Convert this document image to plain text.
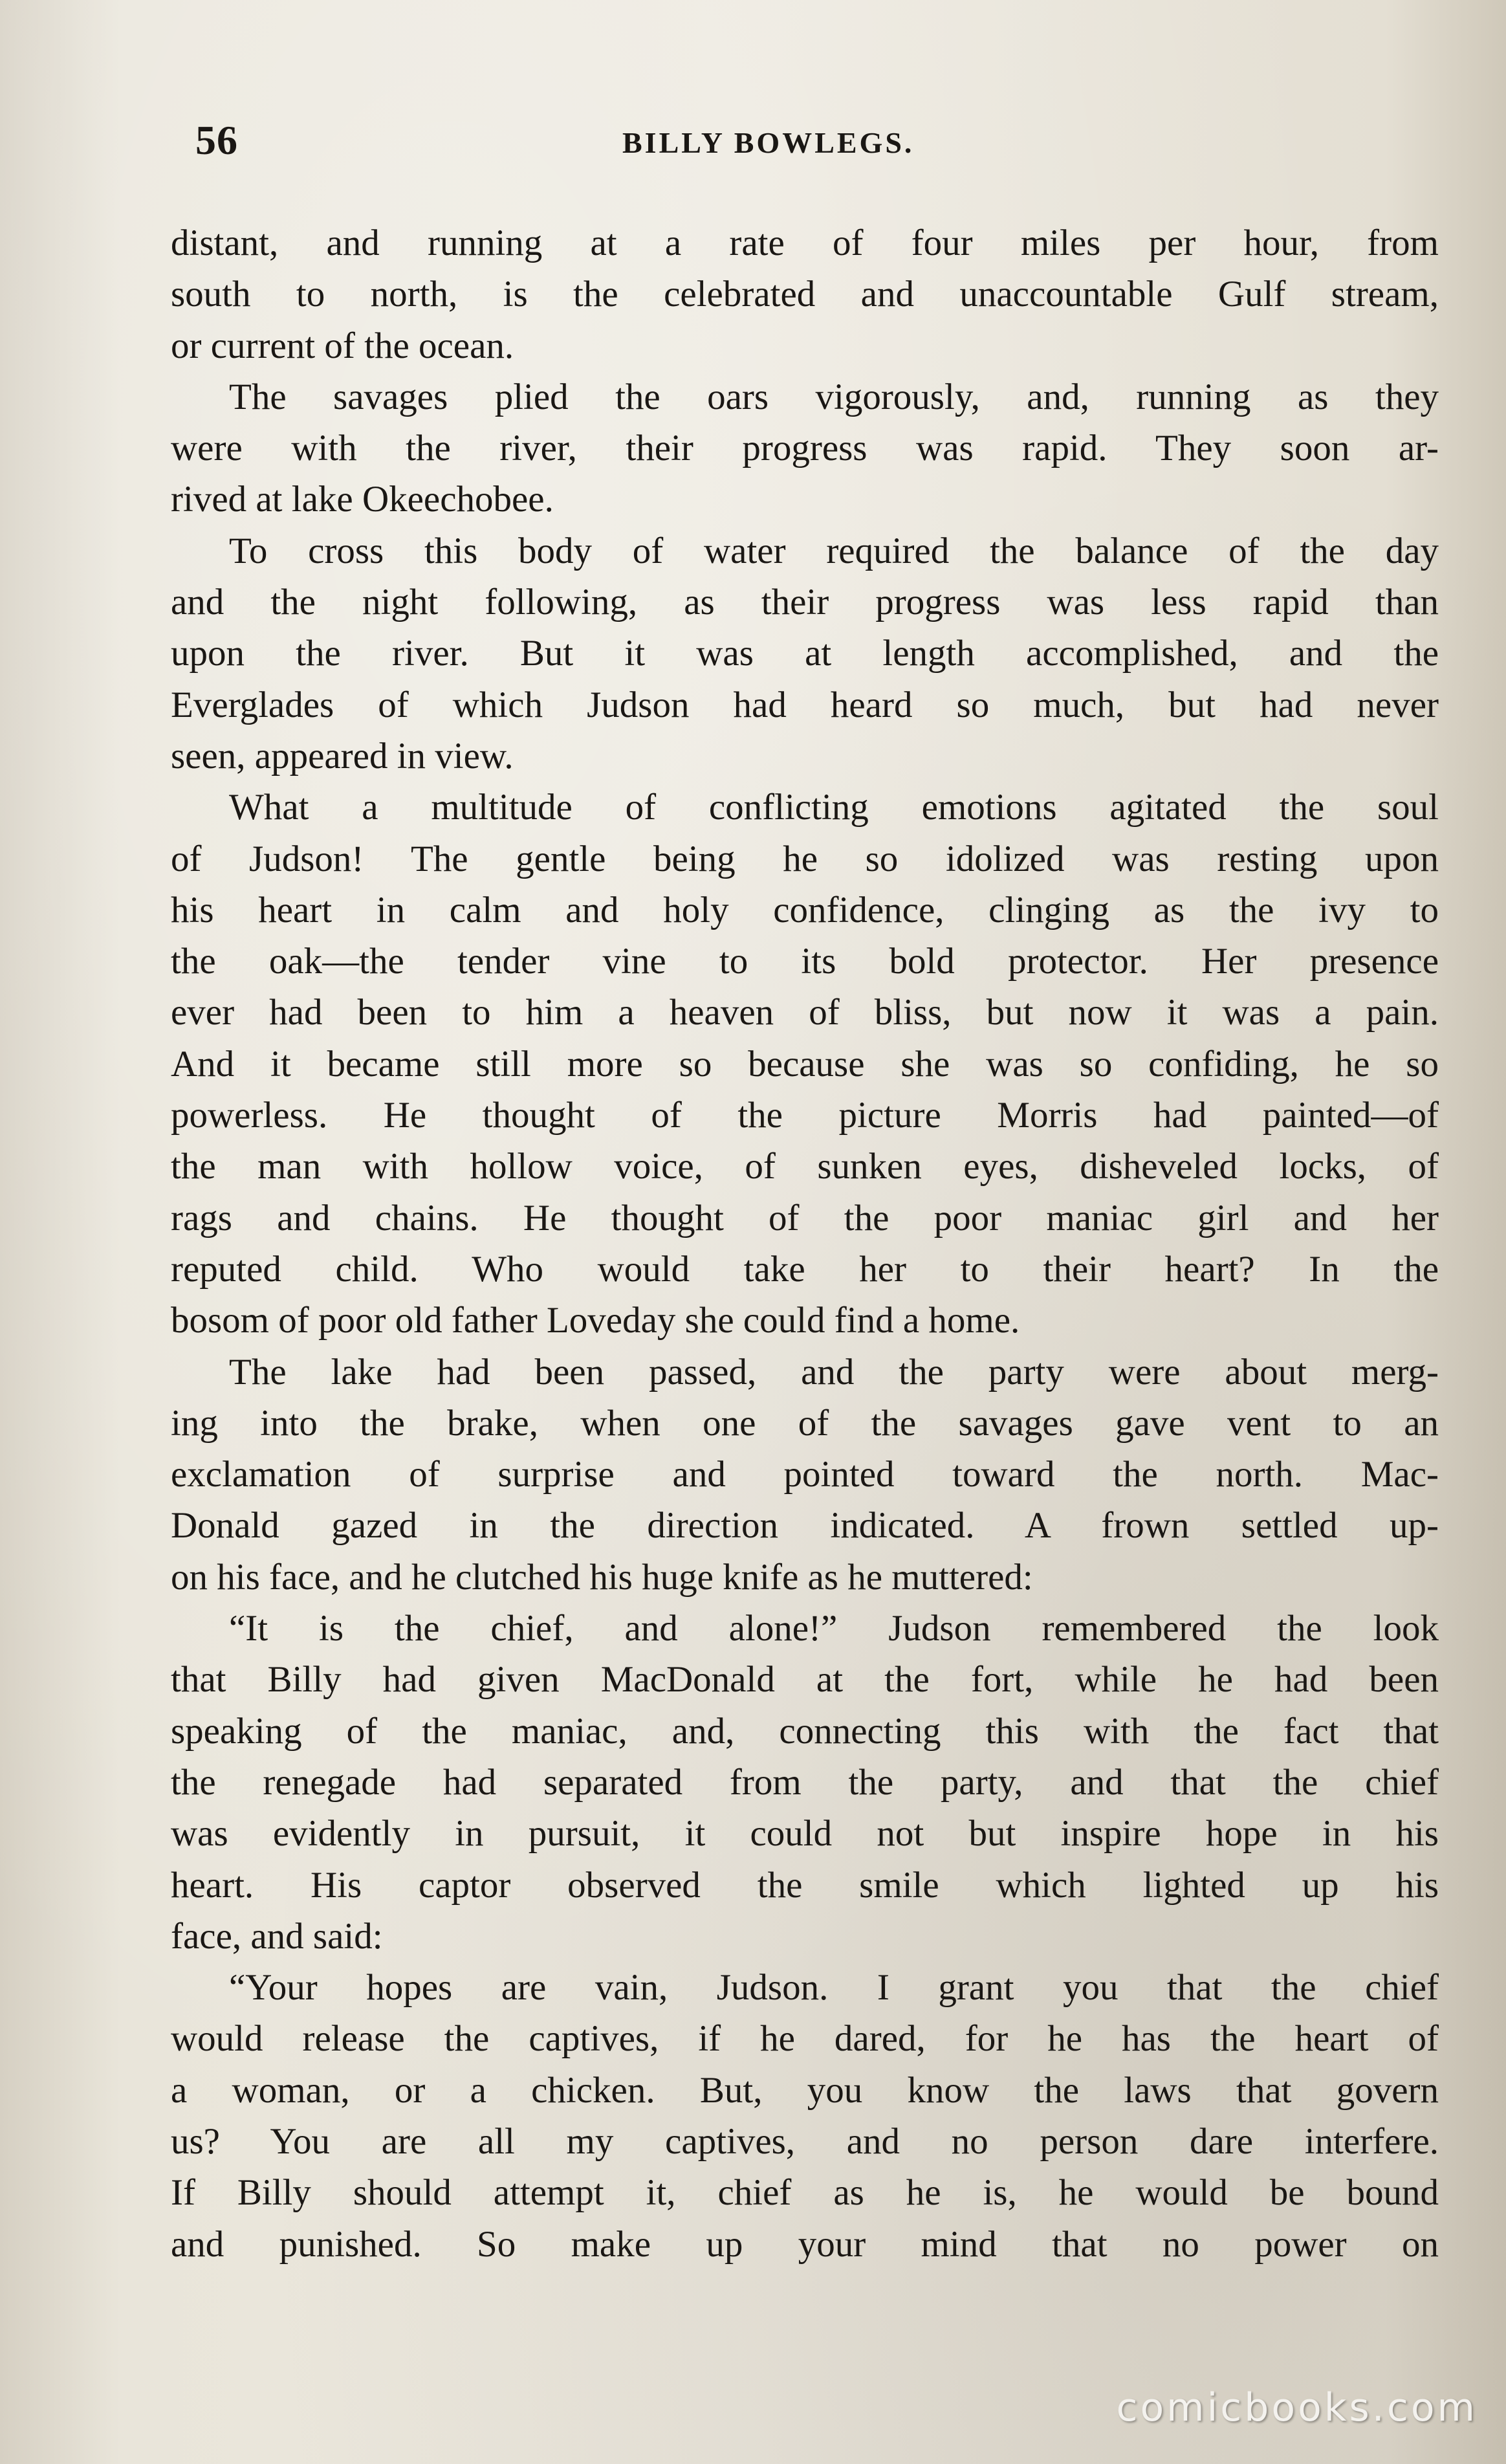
56	BILLY BOWLEGS.
distant, and running at a rate of four miles per hour, from
south to north, is the celebrated and unaccountable Gulf stream,
or current of the ocean.
The savages plied the oars vigorously, and, running as they
were with the river, their progress was rapid. They soon ar-
rived at lake Okeechobee.
To cross this body of water required the balance of the day
and the night following, as their progress was less rapid than
upon the river. But it was at length accomplished, and the
Everglades of which Judson had heard so much, but had never
seen, appeared in view.
What a multitude of conflicting emotions agitated the soul
of Judson! The gentle being he so idolized was resting upon
his heart in calm and holy confidence, clinging as the ivy to
the oak—the tender vine to its bold protector. Her presence
ever had been to him a heaven of bliss, but now it was a pain.
And it became still more so because she was so confiding, he so
powerless. He thought of the picture Morris had painted—of
the man with hollow voice, of sunken eyes, disheveled locks, of
rags and chains. He thought of the poor maniac girl and her
reputed child. Who would take her to their heart? In the
bosom of poor old father Loveday she could find a home.
The lake had been passed, and the party were about merg-
ing into the brake, when one of the savages gave vent to an
exclamation of surprise and pointed toward the north. Mac-
Donald gazed in the direction indicated. A frown settled up-
on his face, and he clutched his huge knife as he muttered:
“It is the chief, and alone!” Judson remembered the look
that Billy had given MacDonald at the fort, while he had been
speaking of the maniac, and, connecting this with the fact that
the renegade had separated from the party, and that the chief
was evidently in pursuit, it could not but inspire hope in his
heart. His captor observed the smile which lighted up his
face, and said:
“Your hopes are vain, Judson. I grant you that the chief
would release the captives, if he dared, for he has the heart of
a woman, or a chicken. But, you know the laws that govern
us? You are all my captives, and no person dare interfere.
If Billy should attempt it, chief as he is, he would be bound
and punished. So make up your mind that no power on
comicbooks.com
